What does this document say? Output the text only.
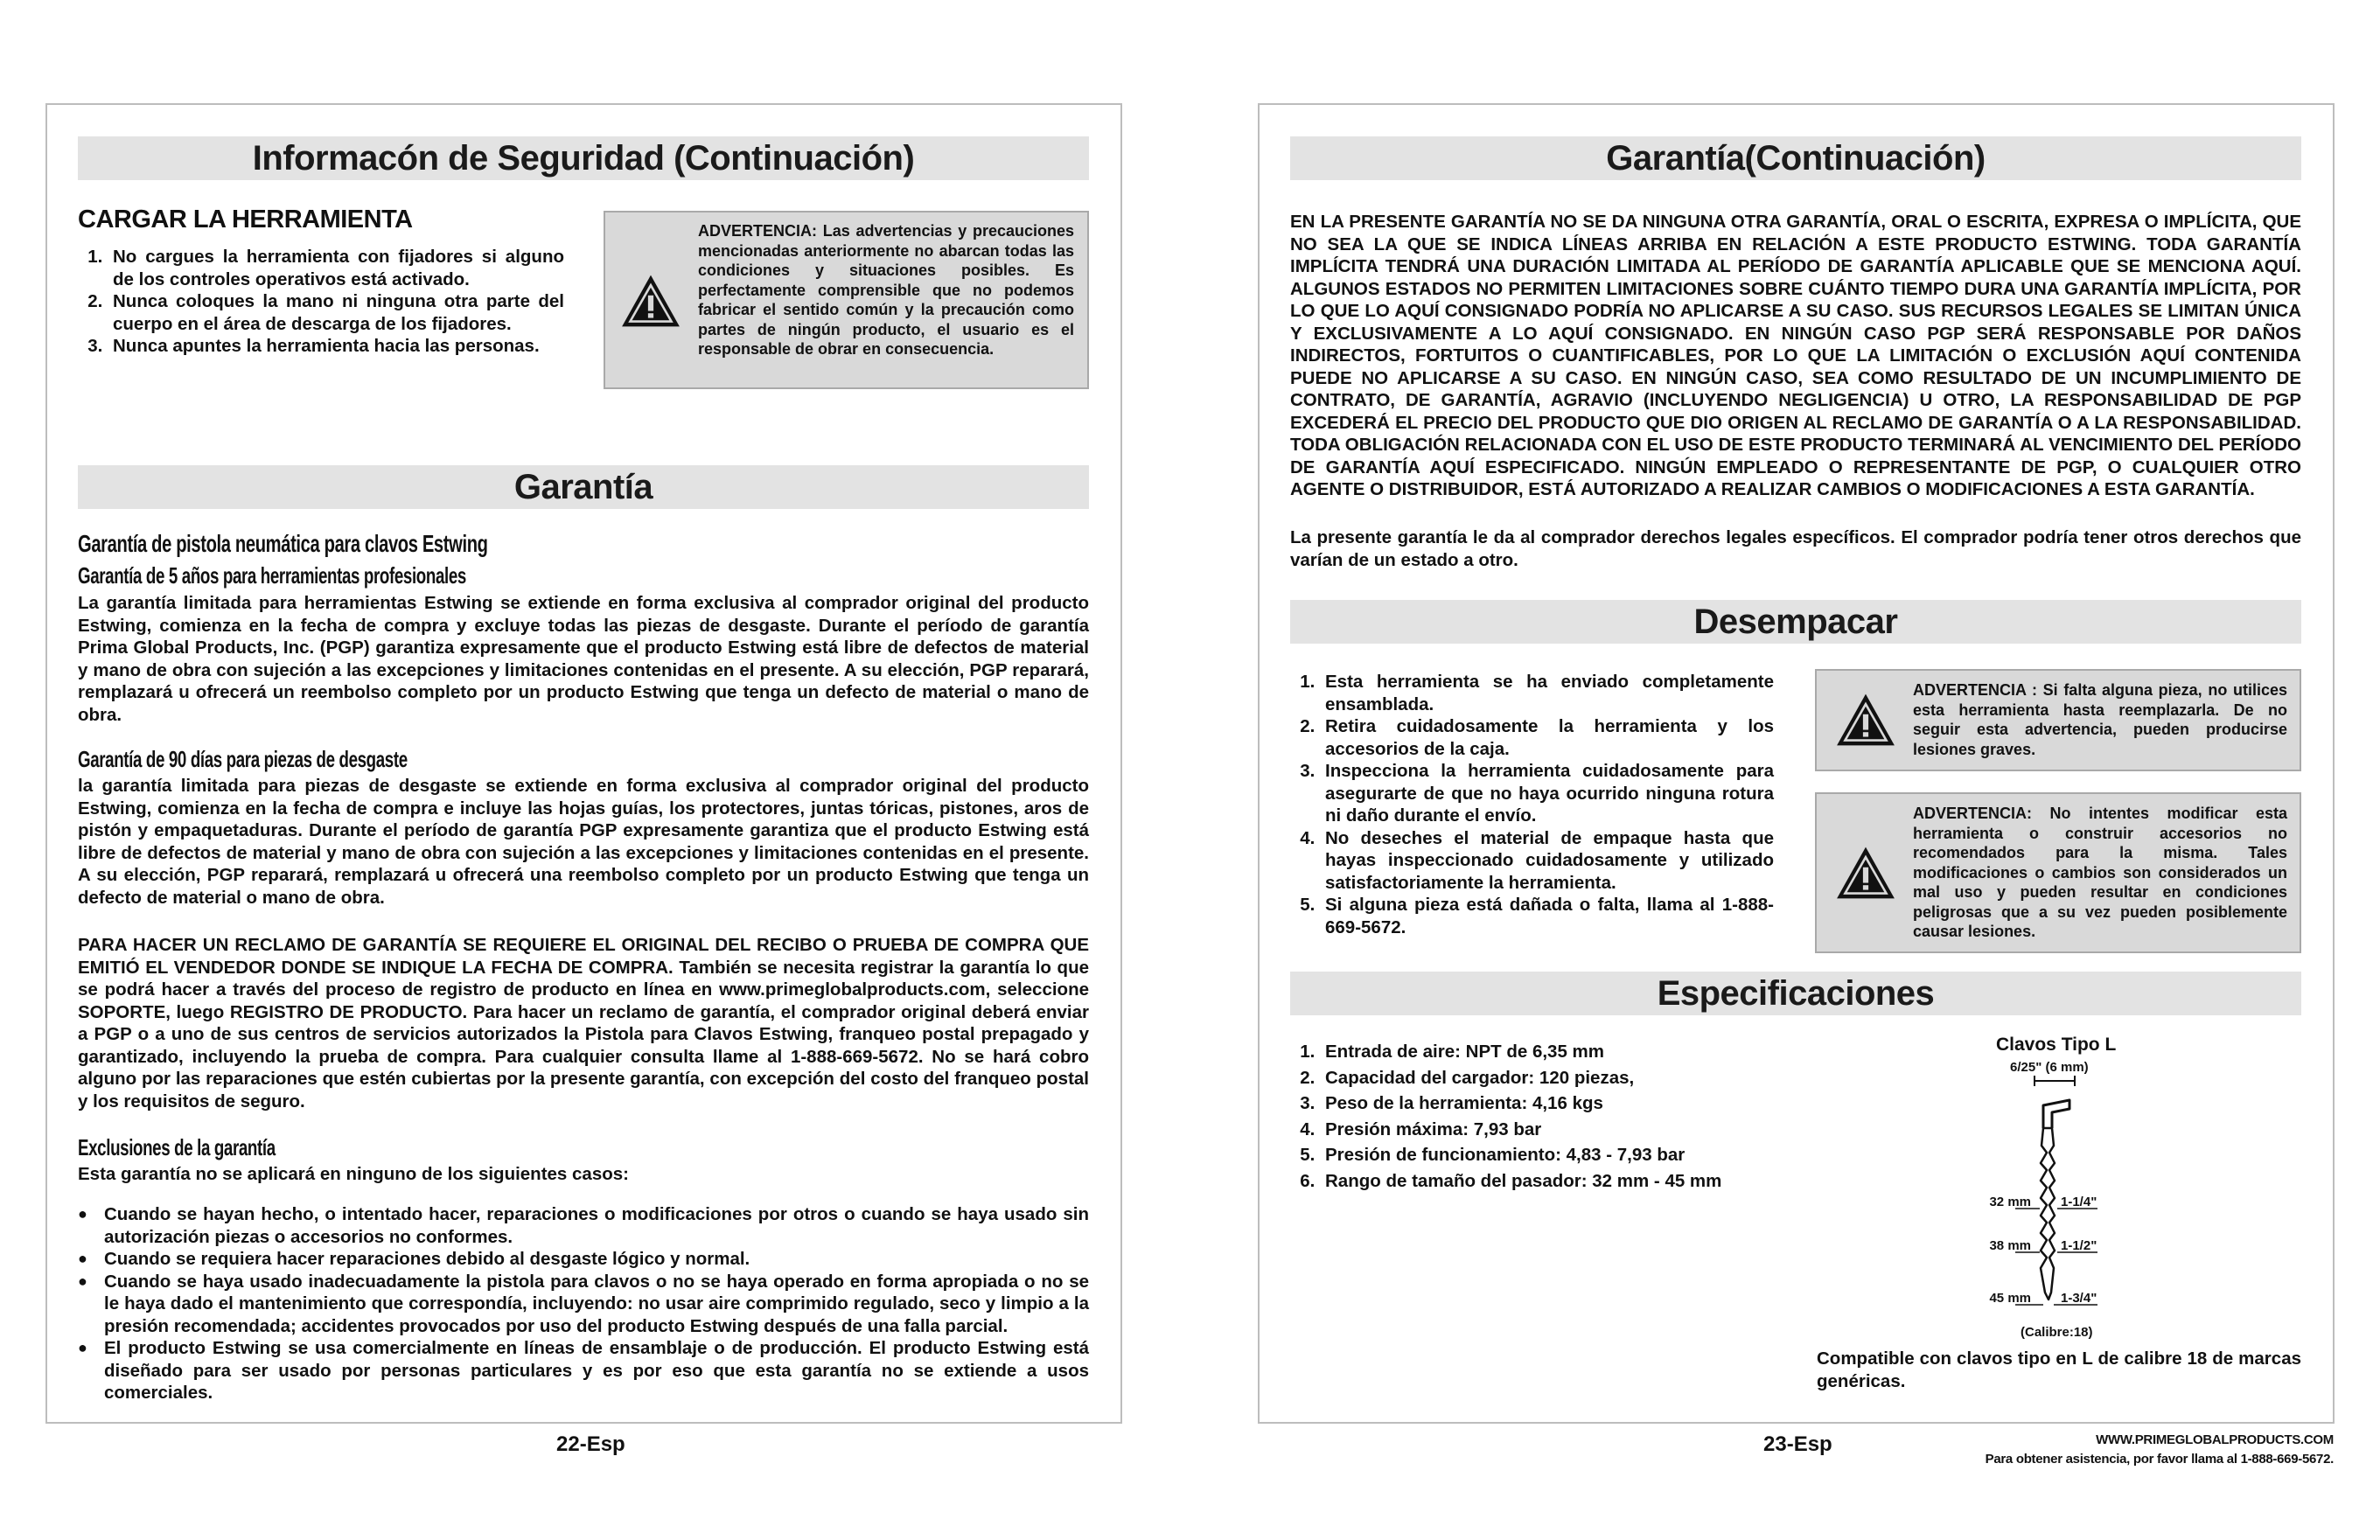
Informacón de Seguridad (Continuación)
CARGAR LA HERRAMIENTA
1. No cargues la herramienta con fijadores si alguno de los controles operativos está activado.
2. Nunca coloques la mano ni ninguna otra parte del cuerpo en el área de descarga de los fijadores.
3. Nunca apuntes la herramienta hacia las personas.
ADVERTENCIA: Las advertencias y precauciones mencionadas anteriormente no abarcan todas las condiciones y situaciones posibles. Es perfectamente comprensible que no podemos fabricar el sentido común y la precaución como partes de ningún producto, el usuario es el responsable de obrar en consecuencia.
Garantía
Garantía de pistola neumática para clavos Estwing
Garantía de 5 años para herramientas profesionales
La garantía limitada para herramientas Estwing se extiende en forma exclusiva al comprador original del producto Estwing, comienza en la fecha de compra y excluye todas las piezas de desgaste. Durante el período de garantía Prima Global Products, Inc. (PGP) garantiza expresamente que el producto Estwing está libre de defectos de material y mano de obra con sujeción a las excepciones y limitaciones contenidas en el presente. A su elección, PGP reparará, remplazará u ofrecerá un reembolso completo por un producto Estwing que tenga un defecto de material o mano de obra.
Garantía de 90 días para piezas de desgaste
la garantía limitada para piezas de desgaste se extiende en forma exclusiva al comprador original del producto Estwing, comienza en la fecha de compra e incluye las hojas guías, los protectores, juntas tóricas, pistones, aros de pistón y empaquetaduras. Durante el período de garantía PGP expresamente garantiza que el producto Estwing está libre de defectos de material y mano de obra con sujeción a las excepciones y limitaciones contenidas en el presente. A su elección, PGP reparará, remplazará u ofrecerá una reembolso completo por un producto Estwing que tenga un defecto de material o mano de obra.
PARA HACER UN RECLAMO DE GARANTÍA SE REQUIERE EL ORIGINAL DEL RECIBO O PRUEBA DE COMPRA QUE EMITIÓ EL VENDEDOR DONDE SE INDIQUE LA FECHA DE COMPRA. También se necesita registrar la garantía lo que se podrá hacer a través del proceso de registro de producto en línea en www.primeglobalproducts.com, seleccione SOPORTE, luego REGISTRO DE PRODUCTO. Para hacer un reclamo de garantía, el comprador original deberá enviar a PGP o a uno de sus centros de servicios autorizados la Pistola para Clavos Estwing, franqueo postal prepagado y garantizado, incluyendo la prueba de compra. Para cualquier consulta llame al 1-888-669-5672. No se hará cobro alguno por las reparaciones que estén cubiertas por la presente garantía, con excepción del costo del franqueo postal y los requisitos de seguro.
Exclusiones de la garantía
Esta garantía no se aplicará en ninguno de los siguientes casos:
● Cuando se hayan hecho, o intentado hacer, reparaciones o modificaciones por otros o cuando se haya usado sin autorización piezas o accesorios no conformes.
● Cuando se requiera hacer reparaciones debido al desgaste lógico y normal.
● Cuando se haya usado inadecuadamente la pistola para clavos o no se haya operado en forma apropiada o no se le haya dado el mantenimiento que correspondía, incluyendo: no usar aire comprimido regulado, seco y limpio a la presión recomendada; accidentes provocados por uso del producto Estwing después de una falla parcial.
● El producto Estwing se usa comercialmente en líneas de ensamblaje o de producción. El producto Estwing está diseñado para ser usado por personas particulares y es por eso que esta garantía no se extiende a usos comerciales.
22-Esp
Garantía(Continuación)
EN LA PRESENTE GARANTÍA NO SE DA NINGUNA OTRA GARANTÍA, ORAL O ESCRITA, EXPRESA O IMPLÍCITA, QUE NO SEA LA QUE SE INDICA LÍNEAS ARRIBA EN RELACIÓN A ESTE PRODUCTO ESTWING. TODA GARANTÍA IMPLÍCITA TENDRÁ UNA DURACIÓN LIMITADA AL PERÍODO DE GARANTÍA APLICABLE QUE SE MENCIONA AQUÍ. ALGUNOS ESTADOS NO PERMITEN LIMITACIONES SOBRE CUÁNTO TIEMPO DURA UNA GARANTÍA IMPLÍCITA, POR LO QUE LO AQUÍ CONSIGNADO PODRÍA NO APLICARSE A SU CASO. SUS RECURSOS LEGALES SE LIMITAN ÚNICA Y EXCLUSIVAMENTE A LO AQUÍ CONSIGNADO. EN NINGÚN CASO PGP SERÁ RESPONSABLE POR DAÑOS INDIRECTOS, FORTUITOS O CUANTIFICABLES, POR LO QUE LA LIMITACIÓN O EXCLUSIÓN AQUÍ CONTENIDA PUEDE NO APLICARSE A SU CASO. EN NINGÚN CASO, SEA COMO RESULTADO DE UN INCUMPLIMIENTO DE CONTRATO, DE GARANTÍA, AGRAVIO (INCLUYENDO NEGLIGENCIA) U OTRO, LA RESPONSABILIDAD DE PGP EXCEDERÁ EL PRECIO DEL PRODUCTO QUE DIO ORIGEN AL RECLAMO DE GARANTÍA O A LA RESPONSABILIDAD. TODA OBLIGACIÓN RELACIONADA CON EL USO DE ESTE PRODUCTO TERMINARÁ AL VENCIMIENTO DEL PERÍODO DE GARANTÍA AQUÍ ESPECIFICADO. NINGÚN EMPLEADO O REPRESENTANTE DE PGP, O CUALQUIER OTRO AGENTE O DISTRIBUIDOR, ESTÁ AUTORIZADO A REALIZAR CAMBIOS O MODIFICACIONES A ESTA GARANTÍA.
La presente garantía le da al comprador derechos legales específicos. El comprador podría tener otros derechos que varían de un estado a otro.
Desempacar
1. Esta herramienta se ha enviado completamente ensamblada.
2. Retira cuidadosamente la herramienta y los accesorios de la caja.
3. Inspecciona la herramienta cuidadosamente para asegurarte de que no haya ocurrido ninguna rotura ni daño durante el envío.
4. No deseches el material de empaque hasta que hayas inspeccionado cuidadosamente y utilizado satisfactoriamente la herramienta.
5. Si alguna pieza está dañada o falta, llama al 1-888-669-5672.
ADVERTENCIA : Si falta alguna pieza, no utilices esta herramienta hasta reemplazarla. De no seguir esta advertencia, pueden producirse lesiones graves.
ADVERTENCIA: No intentes modificar esta herramienta o construir accesorios no recomendados para la misma. Tales modificaciones o cambios son considerados un mal uso y pueden resultar en condiciones peligrosas que a su vez pueden posiblemente causar lesiones.
Especificaciones
1. Entrada de aire: NPT de 6,35 mm
2. Capacidad del cargador: 120 piezas,
3. Peso de la herramienta: 4,16 kgs
4. Presión máxima: 7,93 bar
5. Presión de funcionamiento: 4,83 - 7,93 bar
6. Rango de tamaño del pasador: 32 mm - 45 mm
Clavos Tipo L
6/25" (6 mm)
32 mm 1-1/4"
38 mm 1-1/2"
45 mm 1-3/4"
(Calibre:18)
Compatible con clavos tipo en L de calibre 18 de marcas genéricas.
23-Esp	WWW.PRIMEGLOBALPRODUCTS.COM
Para obtener asistencia, por favor llama al 1-888-669-5672.
